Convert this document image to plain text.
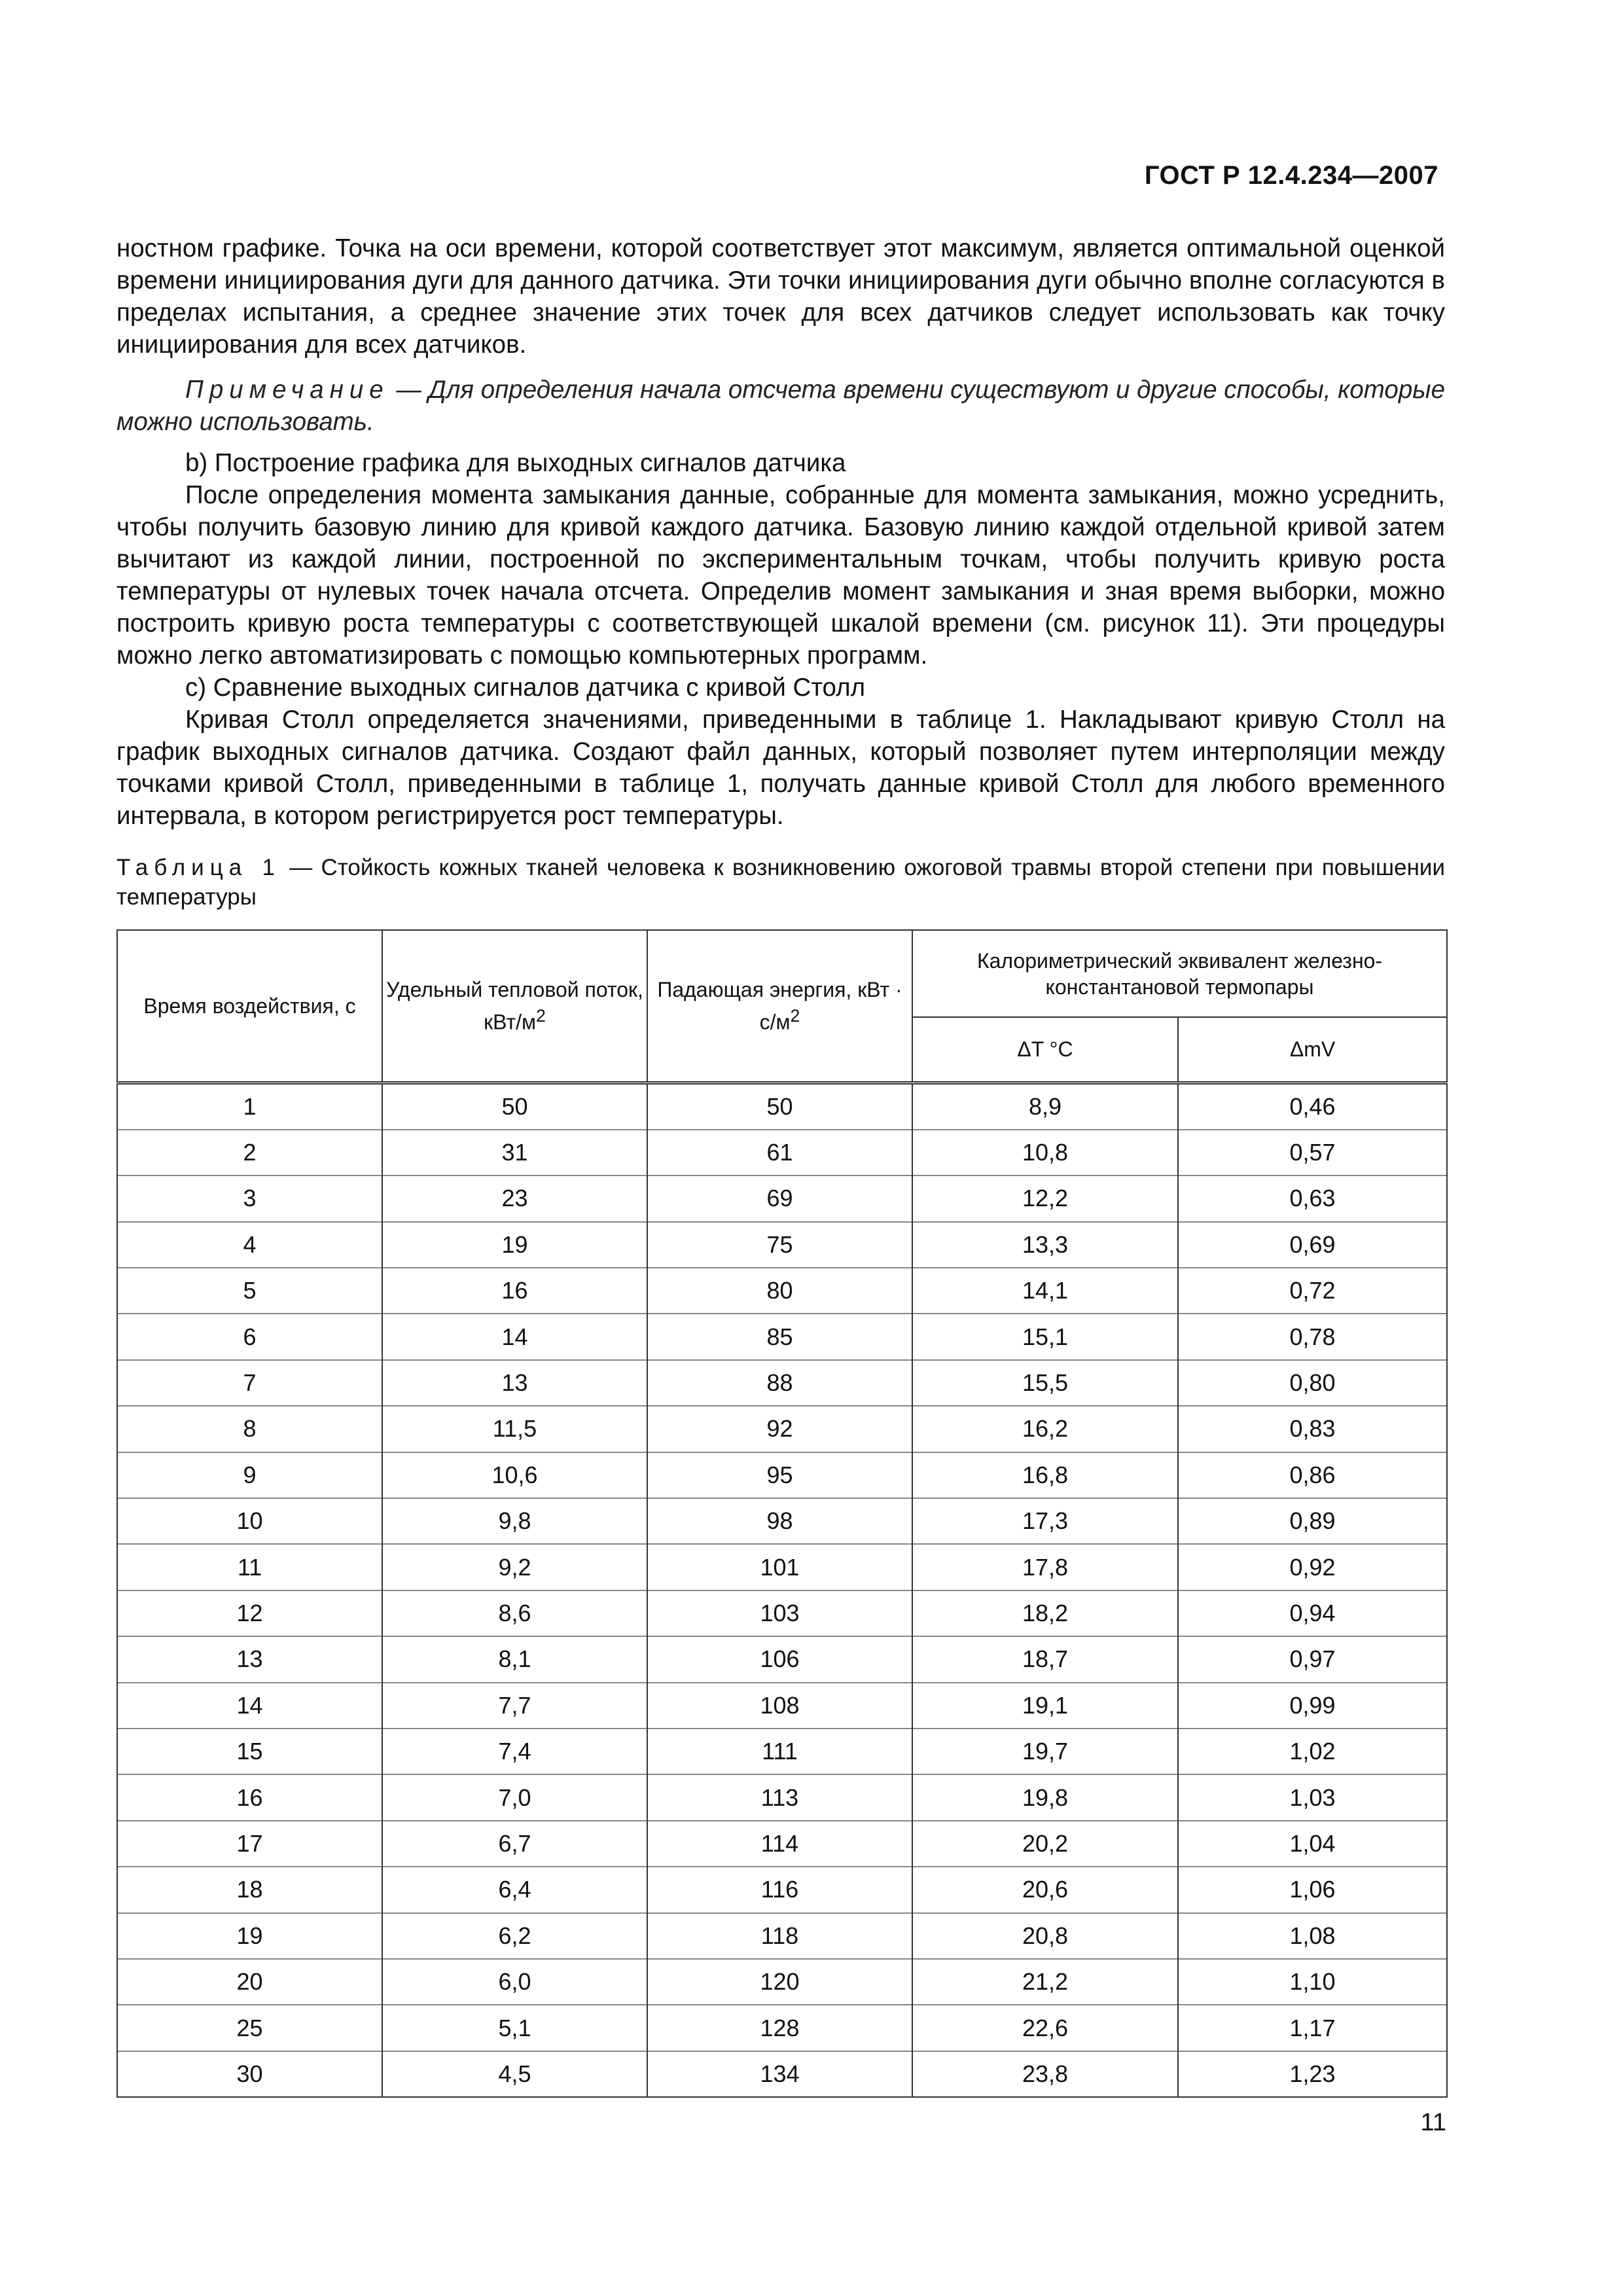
ГОСТ Р 12.4.234—2007

ностном графике. Точка на оси времени, которой соответствует этот максимум, является оптимальной оценкой времени инициирования дуги для данного датчика. Эти точки инициирования дуги обычно вполне согласуются в пределах испытания, а среднее значение этих точек для всех датчиков следует использовать как точку инициирования для всех датчиков.

Примечание — Для определения начала отсчета времени существуют и другие способы, которые можно использовать.

b) Построение графика для выходных сигналов датчика

После определения момента замыкания данные, собранные для момента замыкания, можно усреднить, чтобы получить базовую линию для кривой каждого датчика. Базовую линию каждой отдельной кривой затем вычитают из каждой линии, построенной по экспериментальным точкам, чтобы получить кривую роста температуры от нулевых точек начала отсчета. Определив момент замыкания и зная время выборки, можно построить кривую роста температуры с соответствующей шкалой времени (см. рисунок 11). Эти процедуры можно легко автоматизировать с помощью компьютерных программ.

c) Сравнение выходных сигналов датчика с кривой Столл

Кривая Столл определяется значениями, приведенными в таблице 1. Накладывают кривую Столл на график выходных сигналов датчика. Создают файл данных, который позволяет путем интерполяции между точками кривой Столл, приведенными в таблице 1, получать данные кривой Столл для любого временного интервала, в котором регистрируется рост температуры.

Таблица 1 — Стойкость кожных тканей человека к возникновению ожоговой травмы второй степени при повышении температуры
Время воздействия, с	Удельный тепловой поток, кВт/$м^2$	Падающая энергия, кВт · $с/м^2$	Калориметрический эквивалент железно-константановой термопары	
			ΔT °C	ΔmV
1	50	50	8,9	0,46
2	31	61	10,8	0,57
3	23	69	12,2	0,63
4	19	75	13,3	0,69
5	16	80	14,1	0,72
6	14	85	15,1	0,78
7	13	88	15,5	0,80
8	11,5	92	16,2	0,83
9	10,6	95	16,8	0,86
10	9,8	98	17,3	0,89
11	9,2	101	17,8	0,92
12	8,6	103	18,2	0,94
13	8,1	106	18,7	0,97
14	7,7	108	19,1	0,99
15	7,4	111	19,7	1,02
16	7,0	113	19,8	1,03
17	6,7	114	20,2	1,04
18	6,4	116	20,6	1,06
19	6,2	118	20,8	1,08
20	6,0	120	21,2	1,10
25	5,1	128	22,6	1,17
30	4,5	134	23,8	1,23
11
